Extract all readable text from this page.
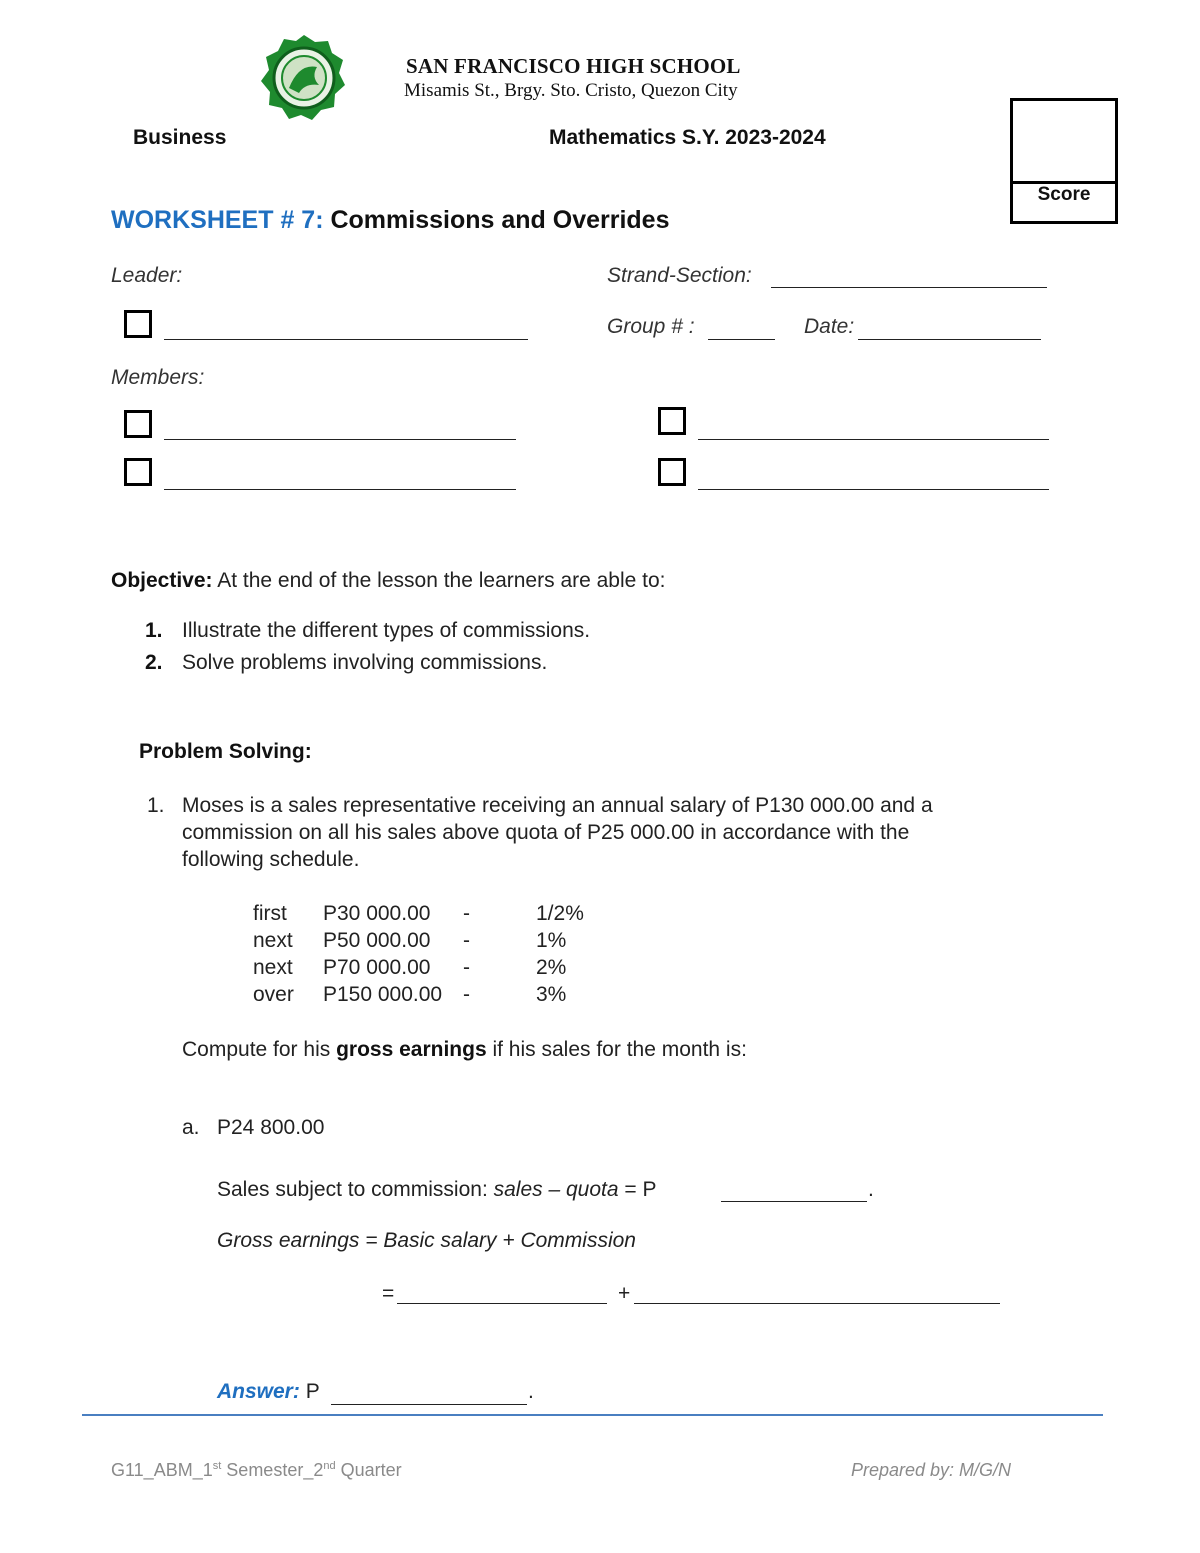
SAN FRANCISCO HIGH SCHOOL
Misamis St., Brgy. Sto. Cristo, Quezon City
Business	Mathematics S.Y. 2023-2024
Score
WORKSHEET # 7: Commissions and Overrides
Leader:	Strand-Section:
Group # :	Date:
Members:
Objective: At the end of the lesson the learners are able to:
1. Illustrate the different types of commissions.
2. Solve problems involving commissions.
Problem Solving:
1. Moses is a sales representative receiving an annual salary of P130 000.00 and a
commission on all his sales above quota of P25 000.00 in accordance with the
following schedule.
first P30 000.00 -	1/2%
next P50 000.00 -	1%
next P70 000.00 -	2%
over P150 000.00 -	3%
Compute for his gross earnings if his sales for the month is:
a. P24 800.00
Sales subject to commission: sales – quota = P	.
Gross earnings = Basic salary + Commission
=	+
Answer: P	.
G11_ABM_1st Semester_2nd Quarter	Prepared by: M/G/N
